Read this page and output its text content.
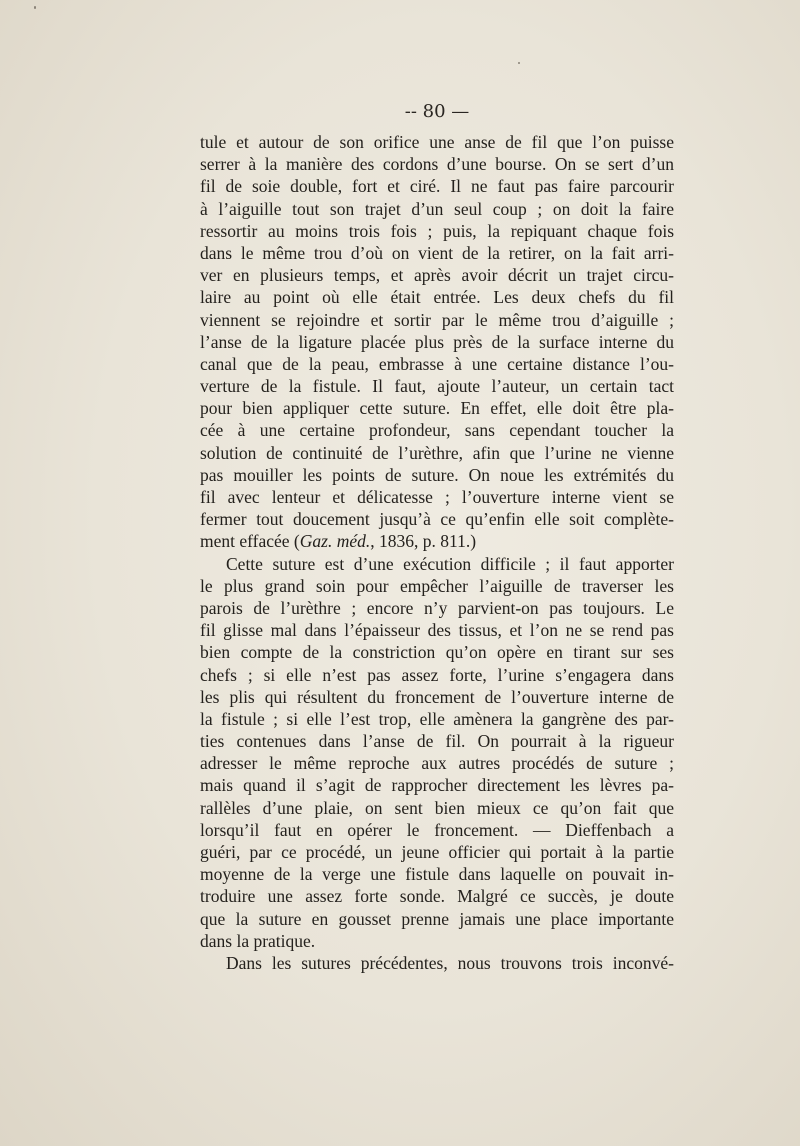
-- 80 —
tule et autour de son orifice une anse de fil que l’on puisse
serrer à la manière des cordons d’une bourse. On se sert d’un
fil de soie double, fort et ciré. Il ne faut pas faire parcourir
à l’aiguille tout son trajet d’un seul coup ; on doit la faire
ressortir au moins trois fois ; puis, la repiquant chaque fois
dans le même trou d’où on vient de la retirer, on la fait arri-
ver en plusieurs temps, et après avoir décrit un trajet circu-
laire au point où elle était entrée. Les deux chefs du fil
viennent se rejoindre et sortir par le même trou d’aiguille ;
l’anse de la ligature placée plus près de la surface interne du
canal que de la peau, embrasse à une certaine distance l’ou-
verture de la fistule. Il faut, ajoute l’auteur, un certain tact
pour bien appliquer cette suture. En effet, elle doit être pla-
cée à une certaine profondeur, sans cependant toucher la
solution de continuité de l’urèthre, afin que l’urine ne vienne
pas mouiller les points de suture. On noue les extrémités du
fil avec lenteur et délicatesse ; l’ouverture interne vient se
fermer tout doucement jusqu’à ce qu’enfin elle soit complète-
ment effacée (Gaz. méd., 1836, p. 811.)
Cette suture est d’une exécution difficile ; il faut apporter
le plus grand soin pour empêcher l’aiguille de traverser les
parois de l’urèthre ; encore n’y parvient-on pas toujours. Le
fil glisse mal dans l’épaisseur des tissus, et l’on ne se rend pas
bien compte de la constriction qu’on opère en tirant sur ses
chefs ; si elle n’est pas assez forte, l’urine s’engagera dans
les plis qui résultent du froncement de l’ouverture interne de
la fistule ; si elle l’est trop, elle amènera la gangrène des par-
ties contenues dans l’anse de fil. On pourrait à la rigueur
adresser le même reproche aux autres procédés de suture ;
mais quand il s’agit de rapprocher directement les lèvres pa-
rallèles d’une plaie, on sent bien mieux ce qu’on fait que
lorsqu’il faut en opérer le froncement. — Dieffenbach a
guéri, par ce procédé, un jeune officier qui portait à la partie
moyenne de la verge une fistule dans laquelle on pouvait in-
troduire une assez forte sonde. Malgré ce succès, je doute
que la suture en gousset prenne jamais une place importante
dans la pratique.
Dans les sutures précédentes, nous trouvons trois inconvé-
